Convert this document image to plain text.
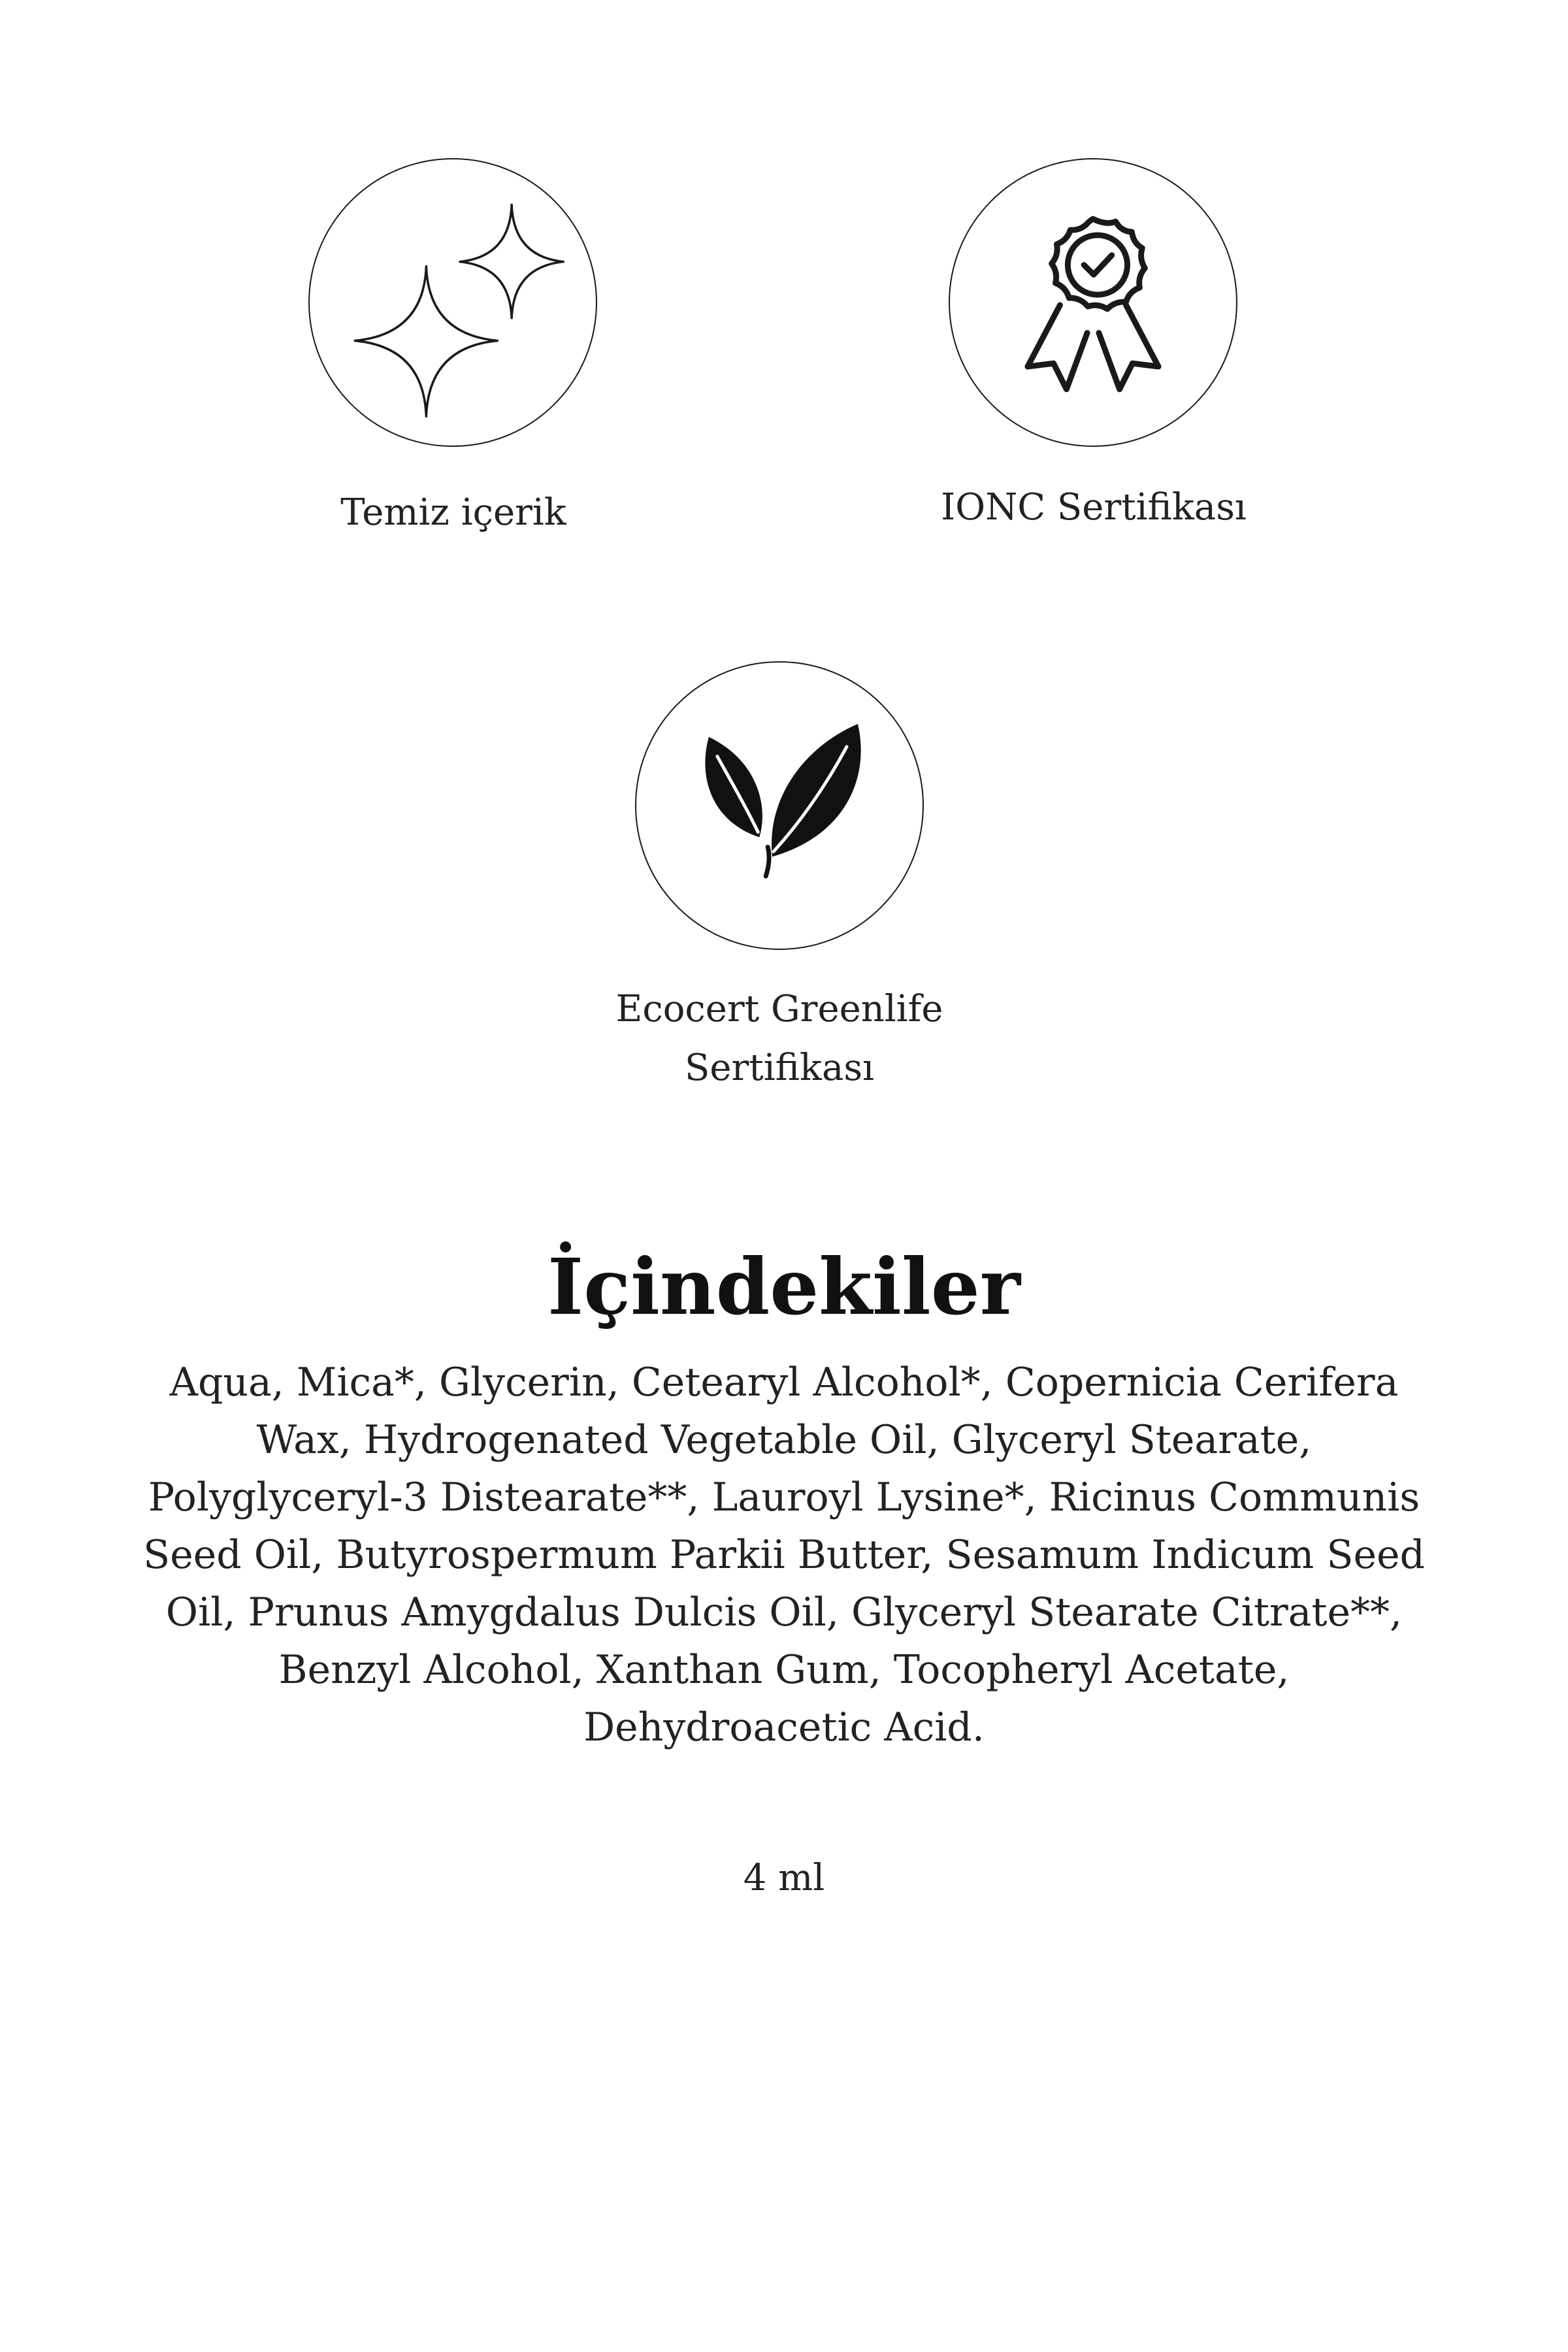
Temiz içerik	IONC Sertifikası
Ecocert Greenlife
Sertifikası
İçindekiler

Aqua, Mica*, Glycerin, Cetearyl Alcohol*, Copernicia Cerifera Wax, Hydrogenated Vegetable Oil, Glyceryl Stearate, Polyglyceryl-3 Distearate**, Lauroyl Lysine*, Ricinus Communis Seed Oil, Butyrospermum Parkii Butter, Sesamum Indicum Seed Oil, Prunus Amygdalus Dulcis Oil, Glyceryl Stearate Citrate**, Benzyl Alcohol, Xanthan Gum, Tocopheryl Acetate, Dehydroacetic Acid.

4 ml
